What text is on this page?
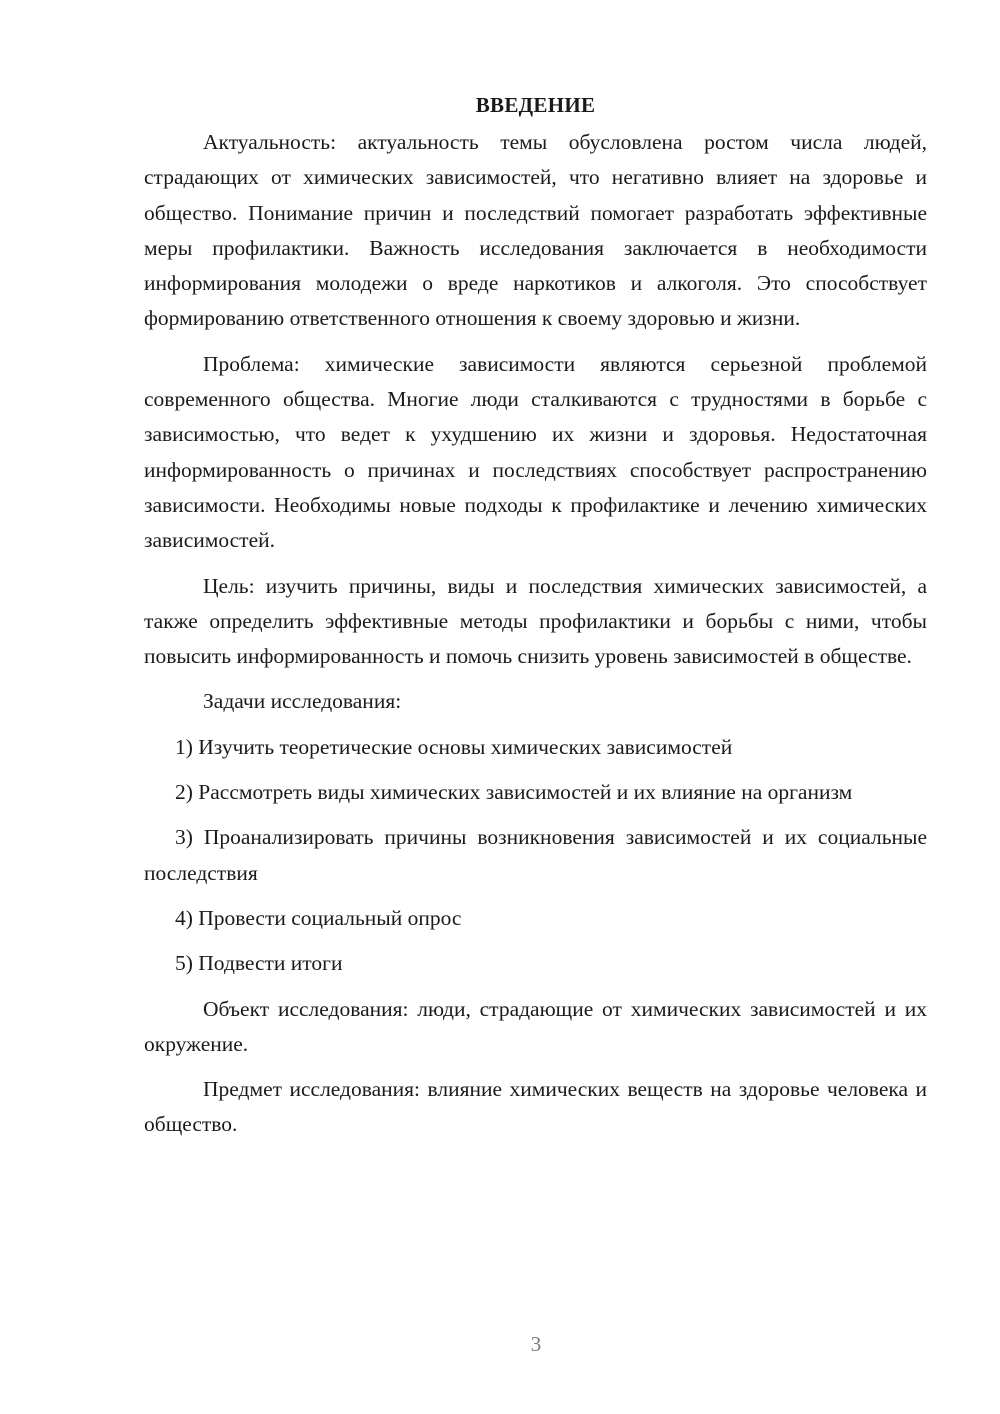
ВВЕДЕНИЕ

Актуальность: актуальность темы обусловлена ростом числа людей, страдающих от химических зависимостей, что негативно влияет на здоровье и общество. Понимание причин и последствий помогает разработать эффективные меры профилактики. Важность исследования заключается в необходимости информирования молодежи о вреде наркотиков и алкоголя. Это способствует формированию ответственного отношения к своему здоровью и жизни.

Проблема: химические зависимости являются серьезной проблемой современного общества. Многие люди сталкиваются с трудностями в борьбе с зависимостью, что ведет к ухудшению их жизни и здоровья. Недостаточная информированность о причинах и последствиях способствует распространению зависимости. Необходимы новые подходы к профилактике и лечению химических зависимостей.

Цель: изучить причины, виды и последствия химических зависимостей, а также определить эффективные методы профилактики и борьбы с ними, чтобы повысить информированность и помочь снизить уровень зависимостей в обществе.

Задачи исследования:

1) Изучить теоретические основы химических зависимостей

2) Рассмотреть виды химических зависимостей и их влияние на организм

3) Проанализировать причины возникновения зависимостей и их социальные последствия

4) Провести социальный опрос

5) Подвести итоги

Объект исследования: люди, страдающие от химических зависимостей и их окружение.

Предмет исследования: влияние химических веществ на здоровье человека и общество.

3
